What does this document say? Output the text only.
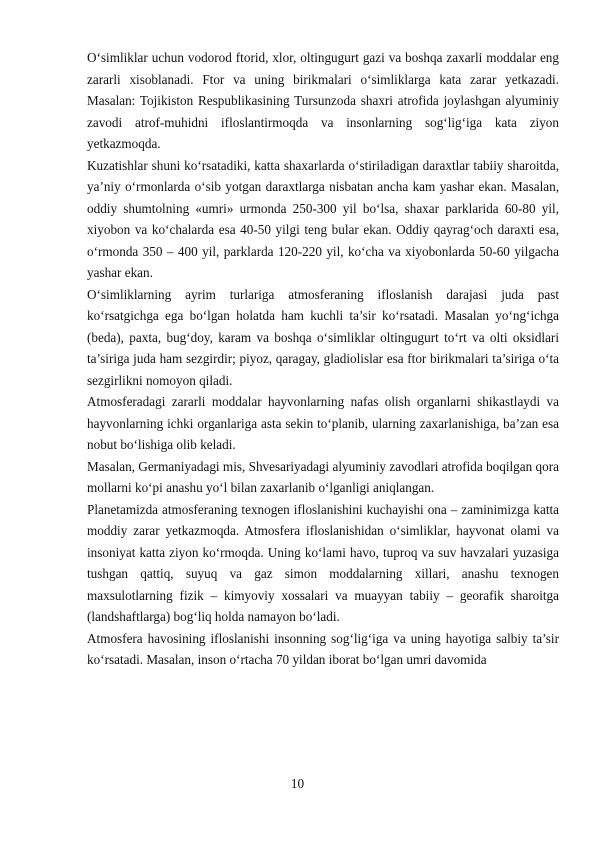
O‘simliklar uchun vodorod ftorid, xlor, oltingugurt gazi va boshqa zaxarli moddalar eng zararli xisoblanadi. Ftor va uning birikmalari o‘simliklarga kata zarar yetkazadi. Masalan: Tojikiston Respublikasining Tursunzoda shaxri atrofida joylashgan alyuminiy zavodi atrof-muhidni ifloslantirmoqda va insonlarning sog‘lig‘iga kata ziyon yetkazmoqda.

Kuzatishlar shuni ko‘rsatadiki, katta shaxarlarda o‘stiriladigan daraxtlar tabiiy sharoitda, ya’niy o‘rmonlarda o‘sib yotgan daraxtlarga nisbatan ancha kam yashar ekan. Masalan, oddiy shumtolning «umri» urmonda 250-300 yil bo‘lsa, shaxar parklarida 60-80 yil, xiyobon va ko‘chalarda esa 40-50 yilgi teng bular ekan. Oddiy qayrag‘och daraxti esa, o‘rmonda 350 – 400 yil, parklarda 120-220 yil, ko‘cha va xiyobonlarda 50-60 yilgacha yashar ekan.

O‘simliklarning ayrim turlariga atmosferaning ifloslanish darajasi juda past ko‘rsatgichga ega bo‘lgan holatda ham kuchli ta’sir ko‘rsatadi. Masalan yo‘ng‘ichga (beda), paxta, bug‘doy, karam va boshqa o‘simliklar oltingugurt to‘rt va olti oksidlari ta’siriga juda ham sezgirdir; piyoz, qaragay, gladiolislar esa ftor birikmalari ta’siriga o‘ta sezgirlikni nomoyon qiladi.

Atmosferadagi zararli moddalar hayvonlarning nafas olish organlarni shikastlaydi va hayvonlarning ichki organlariga asta sekin to‘planib, ularning zaxarlanishiga, ba’zan esa nobut bo‘lishiga olib keladi.

Masalan, Germaniyadagi mis, Shvesariyadagi alyuminiy zavodlari atrofida boqilgan qora mollarni ko‘pi anashu yo‘l bilan zaxarlanib o‘lganligi aniqlangan.

Planetamizda atmosferaning texnogen ifloslanishini kuchayishi ona – zaminimizga katta moddiy zarar yetkazmoqda. Atmosfera ifloslanishidan o‘simliklar, hayvonat olami va insoniyat katta ziyon ko‘rmoqda. Uning ko‘lami havo, tuproq va suv havzalari yuzasiga tushgan qattiq, suyuq va gaz simon moddalarning xillari, anashu texnogen maxsulotlarning fizik – kimyoviy xossalari va muayyan tabiiy – georafik sharoitga (landshaftlarga) bog‘liq holda namayon bo‘ladi.

Atmosfera havosining ifloslanishi insonning sog‘lig‘iga va uning hayotiga salbiy ta’sir ko‘rsatadi. Masalan, inson o‘rtacha 70 yildan iborat bo‘lgan umri davomida

10
